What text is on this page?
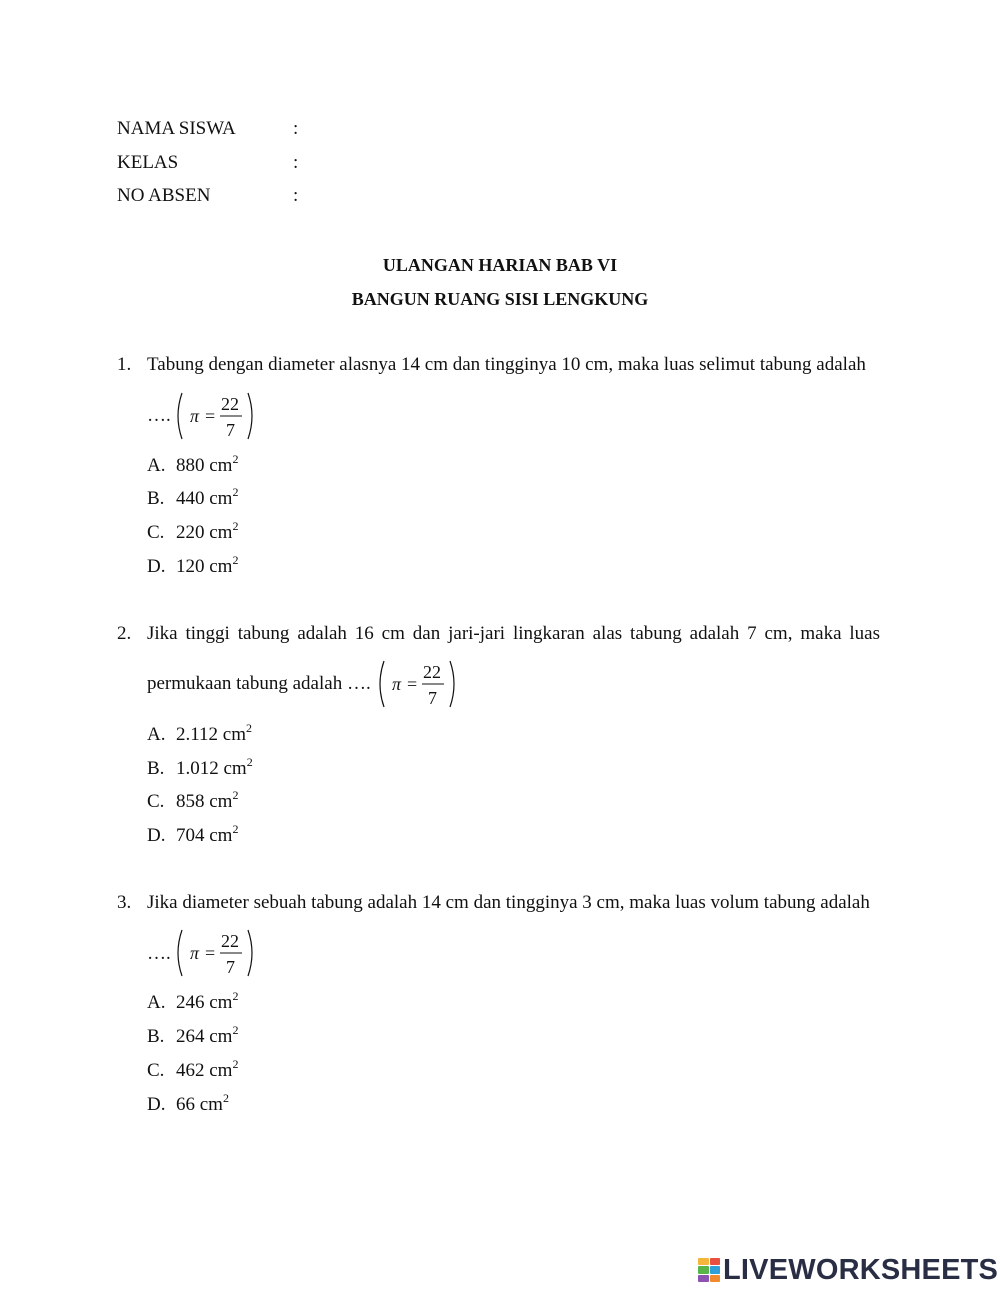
NAMA SISWA	:
KELAS	:
NO ABSEN	:
ULANGAN HARIAN BAB VI
BANGUN RUANG SISI LENGKUNG
1. Tabung dengan diameter alasnya 14 cm dan tingginya 10 cm, maka luas selimut tabung adalah
…. π =
22
7
A. 880 $cm^2$
B. 440 $cm^2$
C. 220 $cm^2$
D. 120 $cm^2$
2. Jika tinggi tabung adalah 16 cm dan jari-jari lingkaran alas tabung adalah 7 cm, maka luas
permukaan tabung adalah …. π =
22
7
A. 2.112 $cm^2$
B. 1.012 $cm^2$
C. 858 $cm^2$
D. 704 $cm^2$
3. Jika diameter sebuah tabung adalah 14 cm dan tingginya 3 cm, maka luas volum tabung adalah
…. π =
22
7
A. 246 $cm^2$
B. 264 $cm^2$
C. 462 $cm^2$
D. 66 $cm^2$
LIVEWORKSHEETS
